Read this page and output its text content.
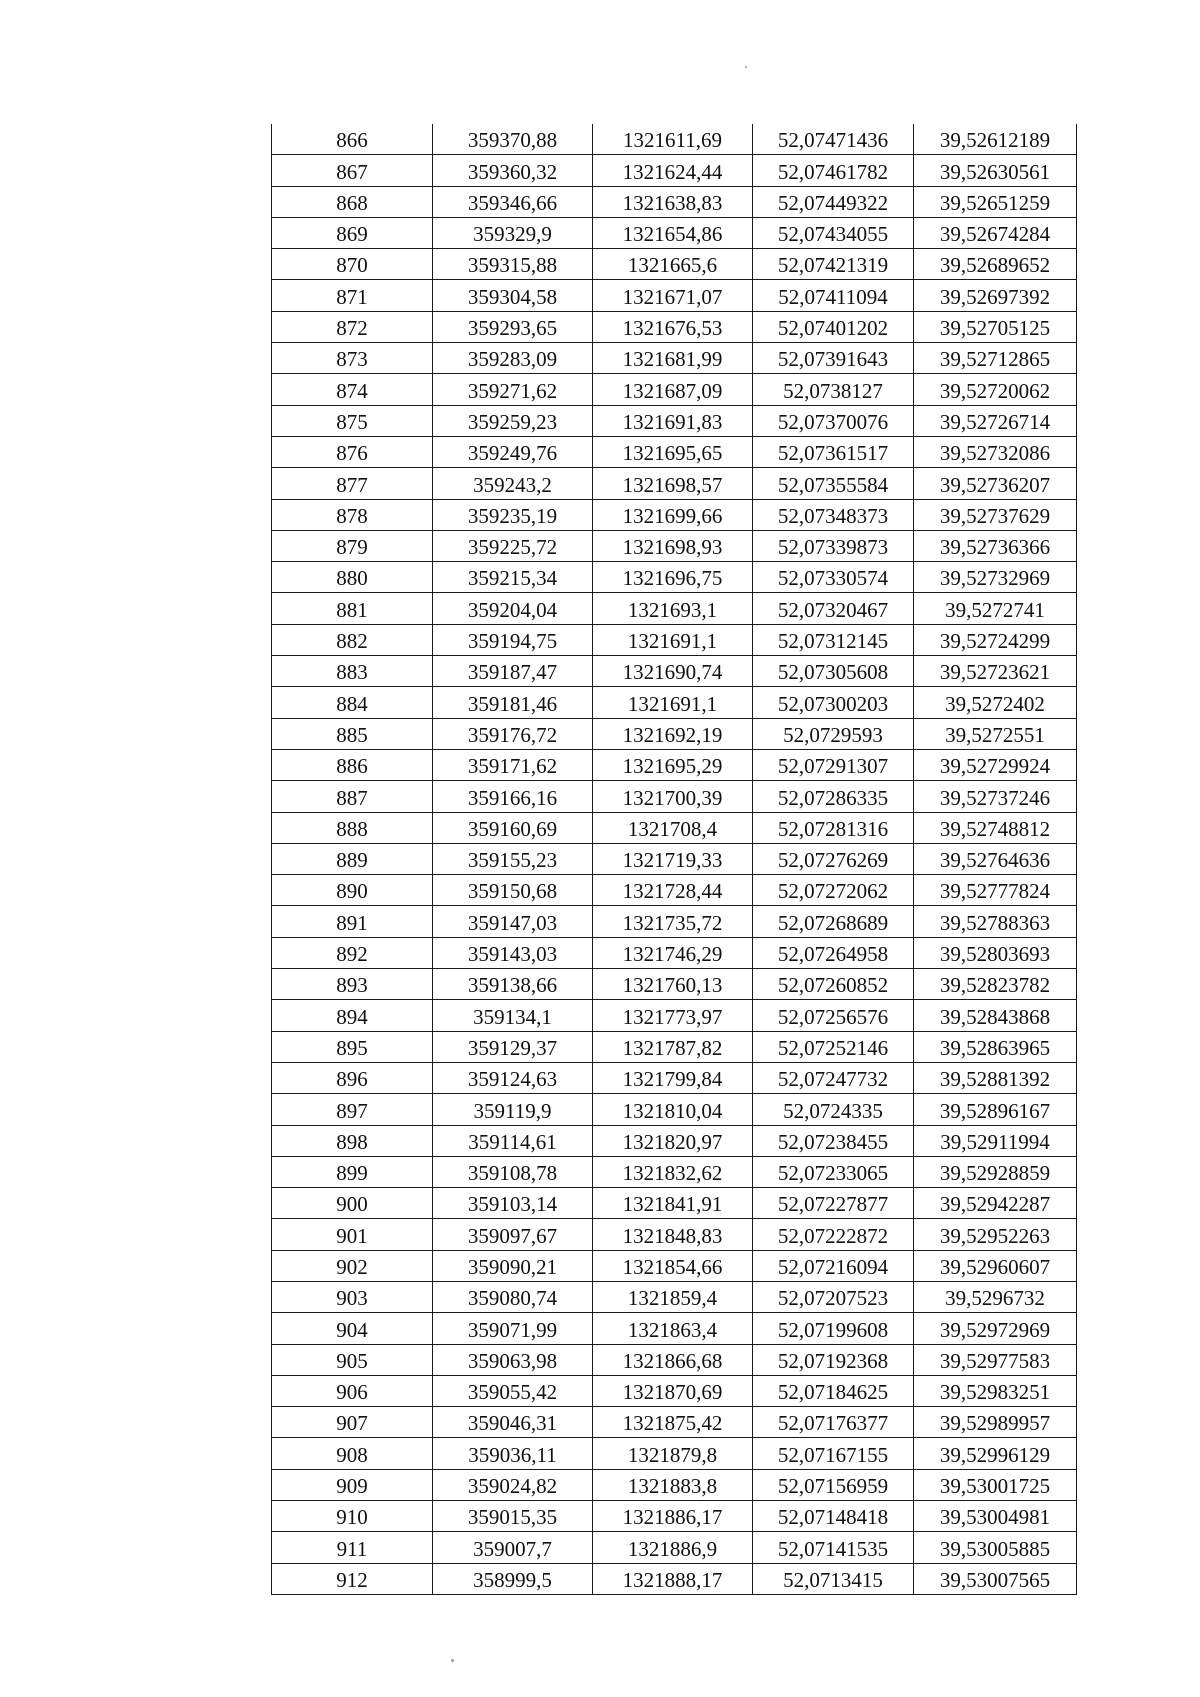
866	359370,88	1321611,69	52,07471436	39,52612189
867	359360,32	1321624,44	52,07461782	39,52630561
868	359346,66	1321638,83	52,07449322	39,52651259
869	359329,9	1321654,86	52,07434055	39,52674284
870	359315,88	1321665,6	52,07421319	39,52689652
871	359304,58	1321671,07	52,07411094	39,52697392
872	359293,65	1321676,53	52,07401202	39,52705125
873	359283,09	1321681,99	52,07391643	39,52712865
874	359271,62	1321687,09	52,0738127	39,52720062
875	359259,23	1321691,83	52,07370076	39,52726714
876	359249,76	1321695,65	52,07361517	39,52732086
877	359243,2	1321698,57	52,07355584	39,52736207
878	359235,19	1321699,66	52,07348373	39,52737629
879	359225,72	1321698,93	52,07339873	39,52736366
880	359215,34	1321696,75	52,07330574	39,52732969
881	359204,04	1321693,1	52,07320467	39,5272741
882	359194,75	1321691,1	52,07312145	39,52724299
883	359187,47	1321690,74	52,07305608	39,52723621
884	359181,46	1321691,1	52,07300203	39,5272402
885	359176,72	1321692,19	52,0729593	39,5272551
886	359171,62	1321695,29	52,07291307	39,52729924
887	359166,16	1321700,39	52,07286335	39,52737246
888	359160,69	1321708,4	52,07281316	39,52748812
889	359155,23	1321719,33	52,07276269	39,52764636
890	359150,68	1321728,44	52,07272062	39,52777824
891	359147,03	1321735,72	52,07268689	39,52788363
892	359143,03	1321746,29	52,07264958	39,52803693
893	359138,66	1321760,13	52,07260852	39,52823782
894	359134,1	1321773,97	52,07256576	39,52843868
895	359129,37	1321787,82	52,07252146	39,52863965
896	359124,63	1321799,84	52,07247732	39,52881392
897	359119,9	1321810,04	52,0724335	39,52896167
898	359114,61	1321820,97	52,07238455	39,52911994
899	359108,78	1321832,62	52,07233065	39,52928859
900	359103,14	1321841,91	52,07227877	39,52942287
901	359097,67	1321848,83	52,07222872	39,52952263
902	359090,21	1321854,66	52,07216094	39,52960607
903	359080,74	1321859,4	52,07207523	39,5296732
904	359071,99	1321863,4	52,07199608	39,52972969
905	359063,98	1321866,68	52,07192368	39,52977583
906	359055,42	1321870,69	52,07184625	39,52983251
907	359046,31	1321875,42	52,07176377	39,52989957
908	359036,11	1321879,8	52,07167155	39,52996129
909	359024,82	1321883,8	52,07156959	39,53001725
910	359015,35	1321886,17	52,07148418	39,53004981
911	359007,7	1321886,9	52,07141535	39,53005885
912	358999,5	1321888,17	52,0713415	39,53007565
